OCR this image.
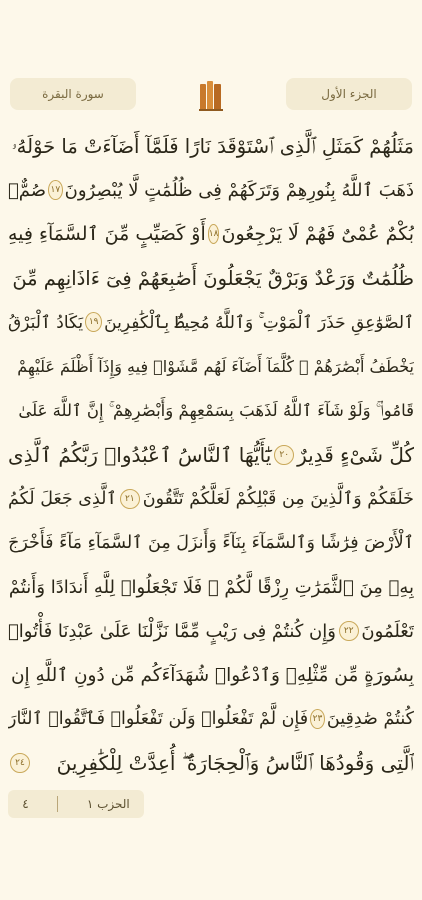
سورة البقرة	الجزء الأول
مَثَلُهُمْ كَمَثَلِ ٱلَّذِى ٱسْتَوْقَدَ نَارًا فَلَمَّآ أَضَآءَتْ مَا حَوْلَهُۥ
ذَهَبَ ٱللَّهُ بِنُورِهِمْ وَتَرَكَهُمْ فِى ظُلُمَٰتٍ لَّا يُبْصِرُونَ
١٧
صُمٌّۢ
بُكْمٌ عُمْىٌ فَهُمْ لَا يَرْجِعُونَ
١٨
أَوْ كَصَيِّبٍ مِّنَ ٱلسَّمَآءِ فِيهِ
ظُلُمَٰتٌ وَرَعْدٌ وَبَرْقٌ يَجْعَلُونَ أَصَٰبِعَهُمْ فِىٓ ءَاذَانِهِم مِّنَ
ٱلصَّوَٰعِقِ حَذَرَ ٱلْمَوْتِ ۚ وَٱللَّهُ مُحِيطٌۢ بِٱلْكَٰفِرِينَ
١٩
يَكَادُ ٱلْبَرْقُ
يَخْطَفُ أَبْصَٰرَهُمْ ۖ كُلَّمَآ أَضَآءَ لَهُم مَّشَوْا۟ فِيهِ وَإِذَآ أَظْلَمَ عَلَيْهِمْ
قَامُوا۟ ۚ وَلَوْ شَآءَ ٱللَّهُ لَذَهَبَ بِسَمْعِهِمْ وَأَبْصَٰرِهِمْ ۚ إِنَّ ٱللَّهَ عَلَىٰ
كُلِّ شَىْءٍ قَدِيرٌ
٢٠
يَٰٓأَيُّهَا ٱلنَّاسُ ٱعْبُدُوا۟ رَبَّكُمُ ٱلَّذِى
خَلَقَكُمْ وَٱلَّذِينَ مِن قَبْلِكُمْ لَعَلَّكُمْ تَتَّقُونَ
٢١
ٱلَّذِى جَعَلَ لَكُمُ
ٱلْأَرْضَ فِرَٰشًا وَٱلسَّمَآءَ بِنَآءً وَأَنزَلَ مِنَ ٱلسَّمَآءِ مَآءً فَأَخْرَجَ
بِهِۦ مِنَ ٱلثَّمَرَٰتِ رِزْقًا لَّكُمْ ۖ فَلَا تَجْعَلُوا۟ لِلَّهِ أَندَادًا وَأَنتُمْ
تَعْلَمُونَ
٢٢
وَإِن كُنتُمْ فِى رَيْبٍ مِّمَّا نَزَّلْنَا عَلَىٰ عَبْدِنَا فَأْتُوا۟
بِسُورَةٍ مِّن مِّثْلِهِۦ وَٱدْعُوا۟ شُهَدَآءَكُم مِّن دُونِ ٱللَّهِ إِن
كُنتُمْ صَٰدِقِينَ
٢٣
فَإِن لَّمْ تَفْعَلُوا۟ وَلَن تَفْعَلُوا۟ فَٱتَّقُوا۟ ٱلنَّارَ
ٱلَّتِى وَقُودُهَا ٱلنَّاسُ وَٱلْحِجَارَةُ ۖ أُعِدَّتْ لِلْكَٰفِرِينَ
٢٤
الحزب ١
٤
